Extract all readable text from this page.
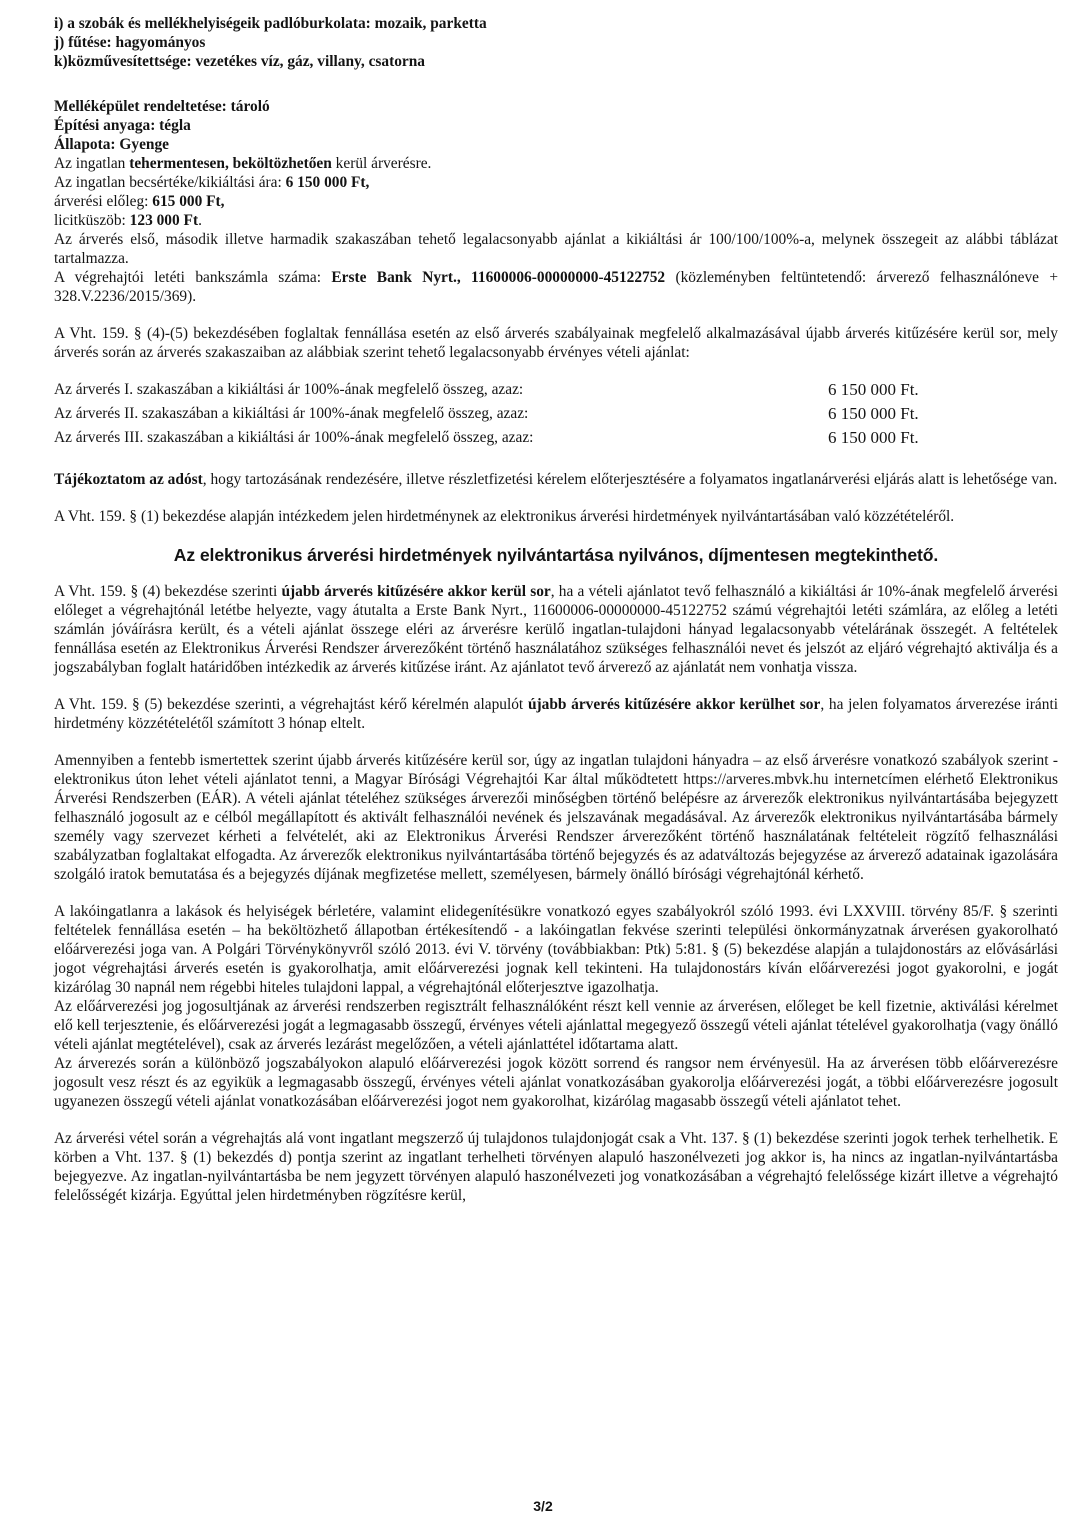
i) a szobák és mellékhelyiségeik padlóburkolata: mozaik, parketta

j) fűtése: hagyományos

k)közművesítettsége: vezetékes víz, gáz, villany, csatorna

Melléképület rendeltetése: tároló

Építési anyaga: tégla

Állapota: Gyenge

Az ingatlan tehermentesen, beköltözhetően kerül árverésre.

Az ingatlan becsértéke/kikiáltási ára: 6 150 000 Ft,

árverési előleg: 615 000 Ft,

licitküszöb: 123 000 Ft.

Az árverés első, második illetve harmadik szakaszában tehető legalacsonyabb ajánlat a kikiáltási ár 100/100/100%-a, melynek összegeit az alábbi táblázat tartalmazza.

A végrehajtói letéti bankszámla száma: Erste Bank Nyrt., 11600006-00000000-45122752 (közleményben feltüntetendő: árverező felhasználóneve + 328.V.2236/2015/369).

A Vht. 159. § (4)-(5) bekezdésében foglaltak fennállása esetén az első árverés szabályainak megfelelő alkalmazásával újabb árverés kitűzésére kerül sor, mely árverés során az árverés szakaszaiban az alábbiak szerint tehető legalacsonyabb érvényes vételi ajánlat:

Az árverés I. szakaszában a kikiáltási ár 100%-ának megfelelő összeg, azaz:	6 150 000 Ft.
Az árverés II. szakaszában a kikiáltási ár 100%-ának megfelelő összeg, azaz:	6 150 000 Ft.
Az árverés III. szakaszában a kikiáltási ár 100%-ának megfelelő összeg, azaz:	6 150 000 Ft.

Tájékoztatom az adóst, hogy tartozásának rendezésére, illetve részletfizetési kérelem előterjesztésére a folyamatos ingatlanárverési eljárás alatt is lehetősége van.

A Vht. 159. § (1) bekezdése alapján intézkedem jelen hirdetménynek az elektronikus árverési hirdetmények nyilvántartásában való közzétételéről.

Az elektronikus árverési hirdetmények nyilvántartása nyilvános, díjmentesen megtekinthető.

A Vht. 159. § (4) bekezdése szerinti újabb árverés kitűzésére akkor kerül sor, ha a vételi ajánlatot tevő felhasználó a kikiáltási ár 10%-ának megfelelő árverési előleget a végrehajtónál letétbe helyezte, vagy átutalta a Erste Bank Nyrt., 11600006-00000000-45122752 számú végrehajtói letéti számlára, az előleg a letéti számlán jóváírásra került, és a vételi ajánlat összege eléri az árverésre kerülő ingatlan-tulajdoni hányad legalacsonyabb vételárának összegét. A feltételek fennállása esetén az Elektronikus Árverési Rendszer árverezőként történő használatához szükséges felhasználói nevet és jelszót az eljáró végrehajtó aktiválja és a jogszabályban foglalt határidőben intézkedik az árverés kitűzése iránt. Az ajánlatot tevő árverező az ajánlatát nem vonhatja vissza.

A Vht. 159. § (5) bekezdése szerinti, a végrehajtást kérő kérelmén alapulót újabb árverés kitűzésére akkor kerülhet sor, ha jelen folyamatos árverezése iránti hirdetmény közzétételétől számított 3 hónap eltelt.

Amennyiben a fentebb ismertettek szerint újabb árverés kitűzésére kerül sor, úgy az ingatlan tulajdoni hányadra – az első árverésre vonatkozó szabályok szerint - elektronikus úton lehet vételi ajánlatot tenni, a Magyar Bírósági Végrehajtói Kar által működtetett https://arveres.mbvk.hu internetcímen elérhető Elektronikus Árverési Rendszerben (EÁR). A vételi ajánlat tételéhez szükséges árverezői minőségben történő belépésre az árverezők elektronikus nyilvántartásába bejegyzett felhasználó jogosult az e célból megállapított és aktivált felhasználói nevének és jelszavának megadásával. Az árverezők elektronikus nyilvántartásába bármely személy vagy szervezet kérheti a felvételét, aki az Elektronikus Árverési Rendszer árverezőként történő használatának feltételeit rögzítő felhasználási szabályzatban foglaltakat elfogadta. Az árverezők elektronikus nyilvántartásába történő bejegyzés és az adatváltozás bejegyzése az árverező adatainak igazolására szolgáló iratok bemutatása és a bejegyzés díjának megfizetése mellett, személyesen, bármely önálló bírósági végrehajtónál kérhető.

A lakóingatlanra a lakások és helyiségek bérletére, valamint elidegenítésükre vonatkozó egyes szabályokról szóló 1993. évi LXXVIII. törvény 85/F. § szerinti feltételek fennállása esetén – ha beköltözhető állapotban értékesítendő - a lakóingatlan fekvése szerinti települési önkormányzatnak árverésen gyakorolható előárverezési joga van. A Polgári Törvénykönyvről szóló 2013. évi V. törvény (továbbiakban: Ptk) 5:81. § (5) bekezdése alapján a tulajdonostárs az elővásárlási jogot végrehajtási árverés esetén is gyakorolhatja, amit előárverezési jognak kell tekinteni. Ha tulajdonostárs kíván előárverezési jogot gyakorolni, e jogát kizárólag 30 napnál nem régebbi hiteles tulajdoni lappal, a végrehajtónál előterjesztve igazolhatja.

Az előárverezési jog jogosultjának az árverési rendszerben regisztrált felhasználóként részt kell vennie az árverésen, előleget be kell fizetnie, aktiválási kérelmet elő kell terjesztenie, és előárverezési jogát a legmagasabb összegű, érvényes vételi ajánlattal megegyező összegű vételi ajánlat tételével gyakorolhatja (vagy önálló vételi ajánlat megtételével), csak az árverés lezárást megelőzően, a vételi ajánlattétel időtartama alatt.

Az árverezés során a különböző jogszabályokon alapuló előárverezési jogok között sorrend és rangsor nem érvényesül. Ha az árverésen több előárverezésre jogosult vesz részt és az egyikük a legmagasabb összegű, érvényes vételi ajánlat vonatkozásában gyakorolja előárverezési jogát, a többi előárverezésre jogosult ugyanezen összegű vételi ajánlat vonatkozásában előárverezési jogot nem gyakorolhat, kizárólag magasabb összegű vételi ajánlatot tehet.

Az árverési vétel során a végrehajtás alá vont ingatlant megszerző új tulajdonos tulajdonjogát csak a Vht. 137. § (1) bekezdése szerinti jogok terhek terhelhetik. E körben a Vht. 137. § (1) bekezdés d) pontja szerint az ingatlant terhelheti törvényen alapuló haszonélvezeti jog akkor is, ha nincs az ingatlan-nyilvántartásba bejegyezve. Az ingatlan-nyilvántartásba be nem jegyzett törvényen alapuló haszonélvezeti jog vonatkozásában a végrehajtó felelőssége kizárt illetve a végrehajtó felelősségét kizárja. Egyúttal jelen hirdetményben rögzítésre kerül,

3/2
